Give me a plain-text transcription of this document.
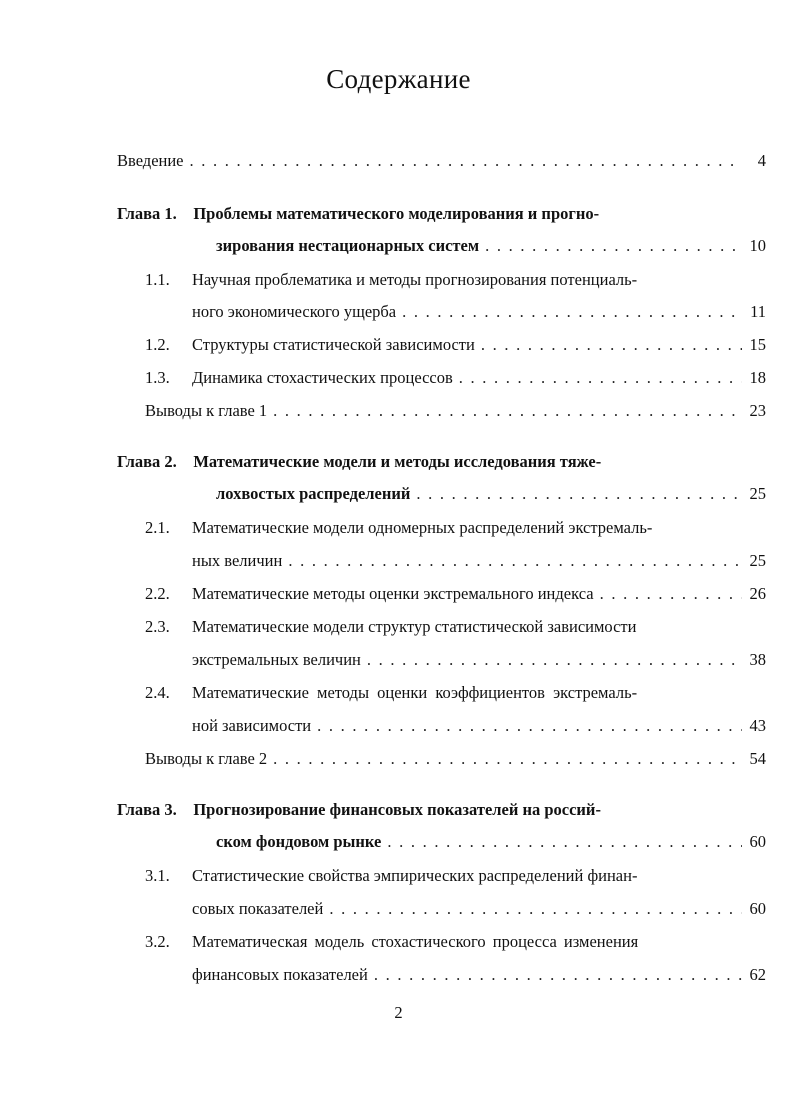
Содержание
Введение . . .	4
Глава 1. Проблемы математического моделирования и прогно-
зирования нестационарных систем . . .	10
1.1. Научная проблематика и методы прогнозирования потенциаль-
ного экономического ущерба . . .	11
1.2.	Структуры статистической зависимости . . .	15
1.3.	Динамика стохастических процессов . . .	18
Выводы к главе 1 . . .	23
Глава 2. Математические модели и методы исследования тяже-
лохвостых распределений . . .	25
2.1. Математические модели одномерных распределений экстремаль-
ных величин . . .	25
2.2.	Математические методы оценки экстремального индекса . . .	26
2.3. Математические модели структур статистической зависимости
экстремальных величин . . .	38
2.4. Математические методы оценки коэффициентов экстремаль-
ной зависимости . . .	43
Выводы к главе 2 . . .	54
Глава 3. Прогнозирование финансовых показателей на россий-
ском фондовом рынке . . .	60
3.1. Статистические свойства эмпирических распределений финан-
совых показателей . . .	60
3.2. Математическая модель стохастического процесса изменения
финансовых показателей . . .	62
2
